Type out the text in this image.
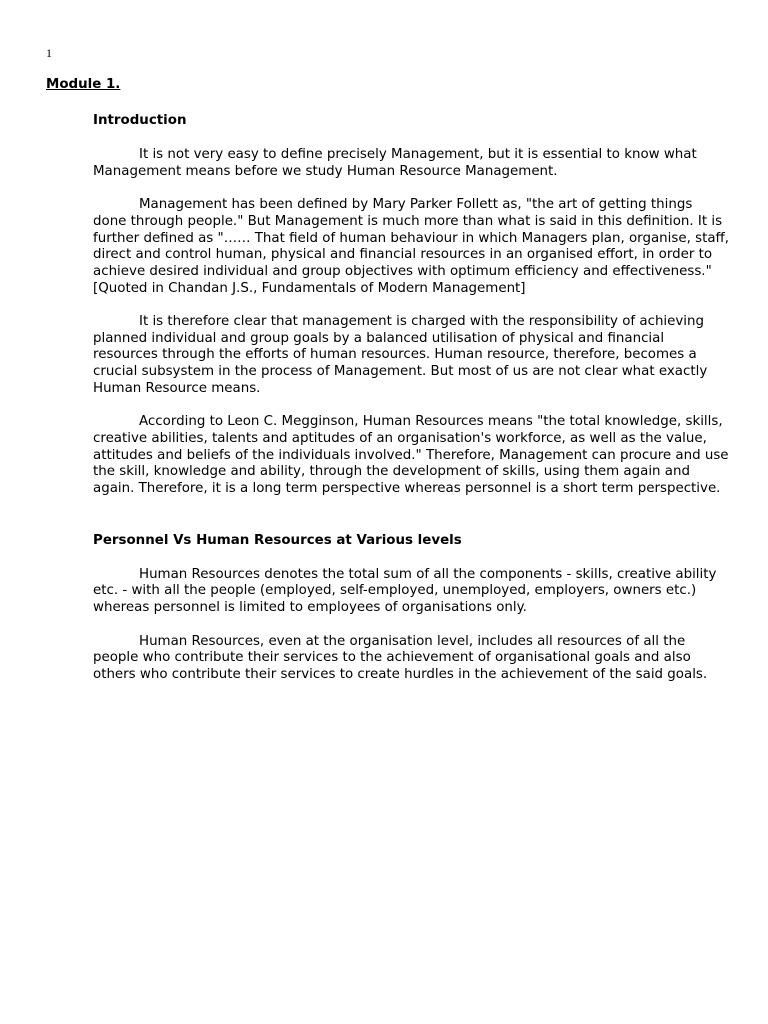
1
Module 1.
Introduction

It is not very easy to define precisely Management, but it is essential to know what Management means before we study Human Resource Management.

Management has been defined by Mary Parker Follett as, "the art of getting things done through people." But Management is much more than what is said in this definition. It is further defined as "…… That field of human behaviour in which Managers plan, organise, staff, direct and control human, physical and financial resources in an organised effort, in order to achieve desired individual and group objectives with optimum efficiency and effectiveness." [Quoted in Chandan J.S., Fundamentals of Modern Management]

It is therefore clear that management is charged with the responsibility of achieving planned individual and group goals by a balanced utilisation of physical and financial resources through the efforts of human resources. Human resource, therefore, becomes a crucial subsystem in the process of Management. But most of us are not clear what exactly Human Resource means.

According to Leon C. Megginson, Human Resources means "the total knowledge, skills, creative abilities, talents and aptitudes of an organisation's workforce, as well as the value, attitudes and beliefs of the individuals involved." Therefore, Management can procure and use the skill, knowledge and ability, through the development of skills, using them again and again. Therefore, it is a long term perspective whereas personnel is a short term perspective.

Personnel Vs Human Resources at Various levels

Human Resources denotes the total sum of all the components - skills, creative ability etc. - with all the people (employed, self-employed, unemployed, employers, owners etc.) whereas personnel is limited to employees of organisations only.

Human Resources, even at the organisation level, includes all resources of all the people who contribute their services to the achievement of organisational goals and also others who contribute their services to create hurdles in the achievement of the said goals.
